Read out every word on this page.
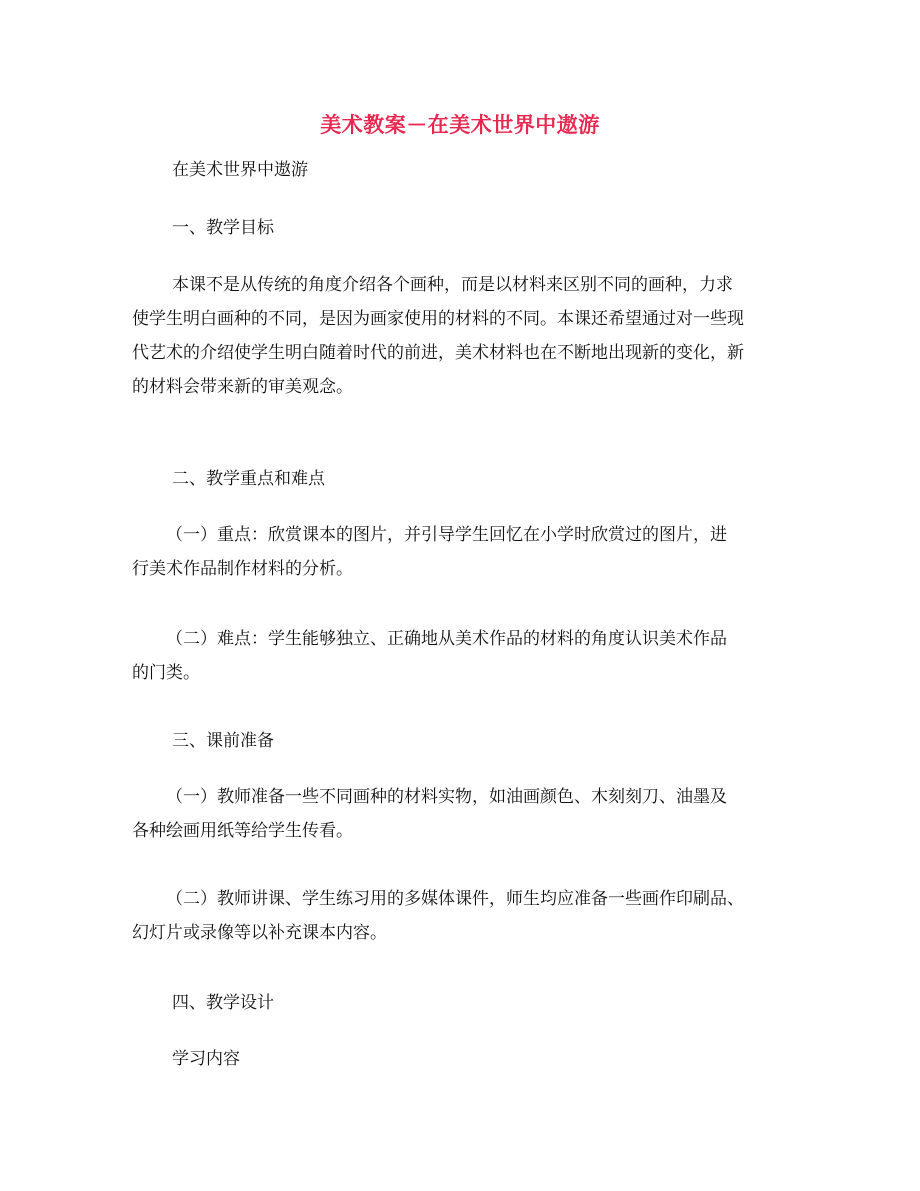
美术教案－在美术世界中遨游

在美术世界中遨游

一、教学目标

本课不是从传统的角度介绍各个画种，而是以材料来区别不同的画种，力求
使学生明白画种的不同，是因为画家使用的材料的不同。本课还希望通过对一些现
代艺术的介绍使学生明白随着时代的前进，美术材料也在不断地出现新的变化，新
的材料会带来新的审美观念。

二、教学重点和难点

（一）重点：欣赏课本的图片，并引导学生回忆在小学时欣赏过的图片，进
行美术作品制作材料的分析。

（二）难点：学生能够独立、正确地从美术作品的材料的角度认识美术作品
的门类。

三、课前准备

（一）教师准备一些不同画种的材料实物，如油画颜色、木刻刻刀、油墨及
各种绘画用纸等给学生传看。

（二）教师讲课、学生练习用的多媒体课件，师生均应准备一些画作印刷品、
幻灯片或录像等以补充课本内容。

四、教学设计

学习内容
